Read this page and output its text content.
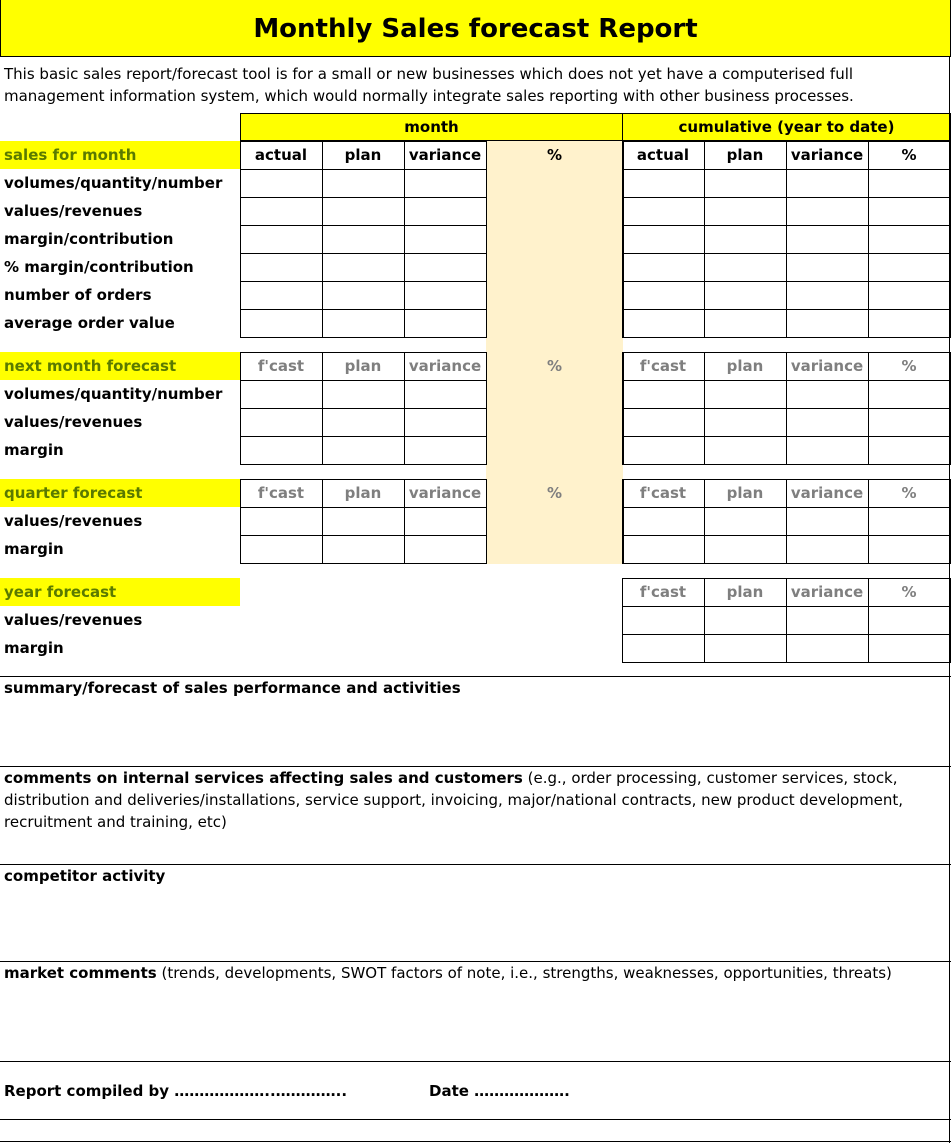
Monthly Sales forecast Report
This basic sales report/forecast tool is for a small or new businesses which does not yet have a computerised full management information system, which would normally integrate sales reporting with other business processes.
month	cumulative (year to date)
sales for month	actual	plan	variance	%	actual	plan	variance	%
volumes/quantity/number
values/revenues
margin/contribution
% margin/contribution
number of orders
average order value
next month forecast	f'cast	plan	variance	%	f'cast	plan	variance	%
volumes/quantity/number
values/revenues
margin
quarter forecast	f'cast	plan	variance	%	f'cast	plan	variance	%
values/revenues
margin
year forecast	f'cast	plan	variance	%
values/revenues
margin
summary/forecast of sales performance and activities
comments on internal services affecting sales and customers (e.g., order processing, customer services, stock, distribution and deliveries/installations, service support, invoicing, major/national contracts, new product development, recruitment and training, etc)
competitor activity
market comments (trends, developments, SWOT factors of note, i.e., strengths, weaknesses, opportunities, threats)
Report compiled by ………………..…………..	Date ……………….
